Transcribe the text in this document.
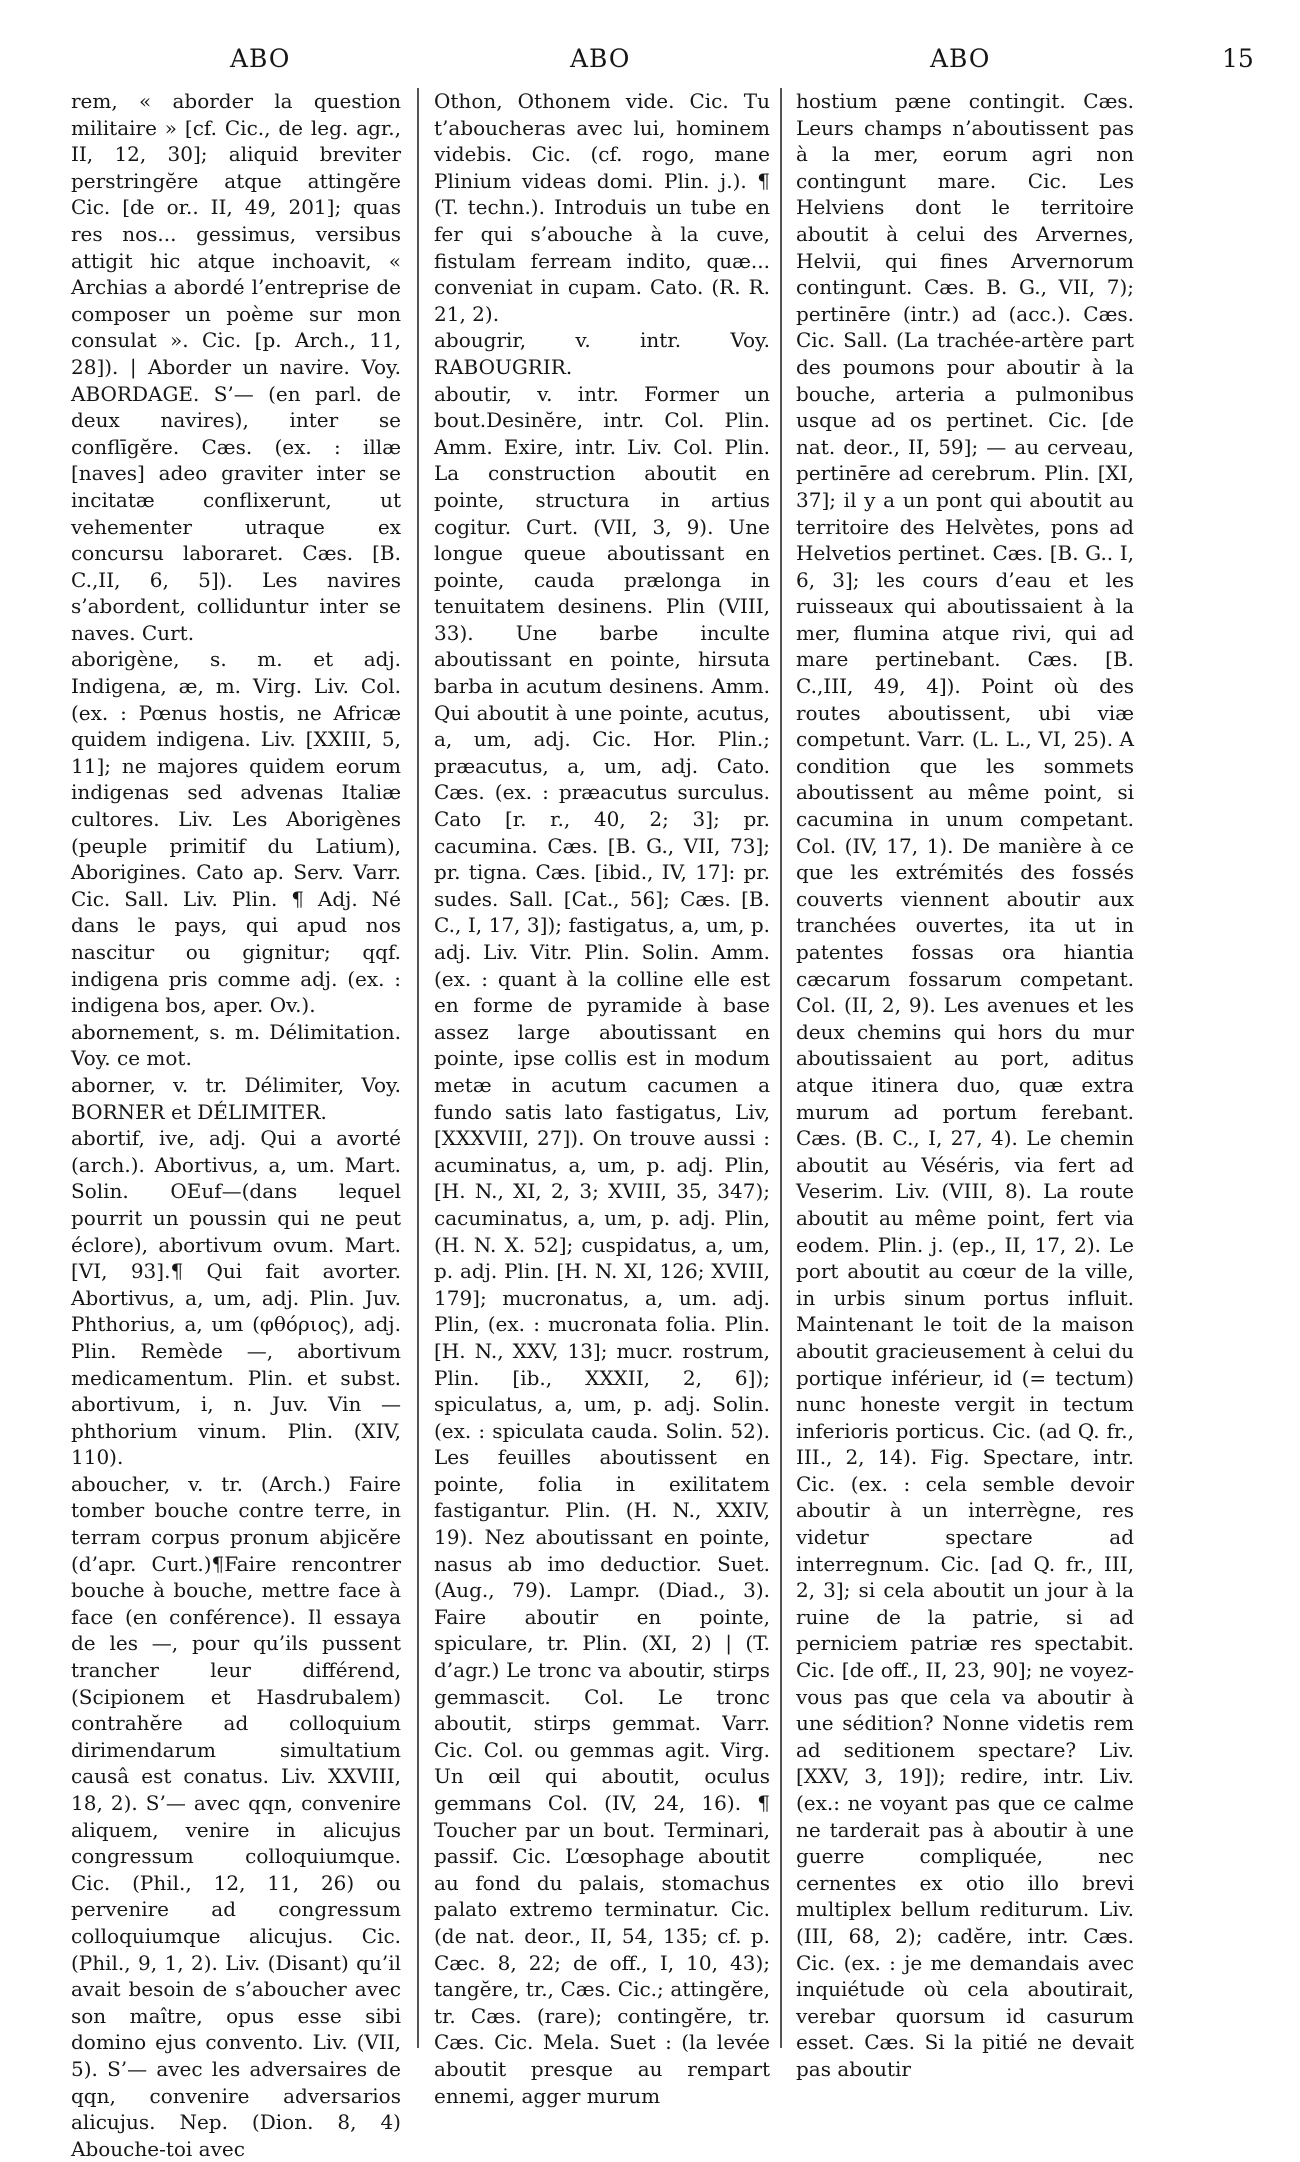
ABO	ABO	ABO	15

rem, « aborder la question militaire » [cf. Cic., de leg. agr., II, 12, 30]; aliquid breviter perstringĕre atque attingĕre Cic. [de or.. II, 49, 201]; quas res nos... gessimus, versibus attigit hic atque inchoavit, « Archias a abordé l’entreprise de composer un poème sur mon consulat ». Cic. [p. Arch., 11, 28]). | Aborder un navire. Voy. ABORDAGE. S’— (en parl. de deux navires), inter se conflīgĕre. Cæs. (ex. : illæ [naves] adeo graviter inter se incitatæ conflixerunt, ut vehementer utraque ex concursu laboraret. Cæs. [B. C.,II, 6, 5]). Les navires s’abordent, colliduntur inter se naves. Curt.

aborigène, s. m. et adj. Indigena, æ, m. Virg. Liv. Col. (ex. : Pœnus hostis, ne Africæ quidem indigena. Liv. [XXIII, 5, 11]; ne majores quidem eorum indigenas sed advenas Italiæ cultores. Liv. Les Aborigènes (peuple primitif du Latium), Aborigines. Cato ap. Serv. Varr. Cic. Sall. Liv. Plin. ¶ Adj. Né dans le pays, qui apud nos nascitur ou gignitur; qqf. indigena pris comme adj. (ex. : indigena bos, aper. Ov.).

abornement, s. m. Délimitation. Voy. ce mot.

aborner, v. tr. Délimiter, Voy. BORNER et DÉLIMITER.

abortif, ive, adj. Qui a avorté (arch.). Abortivus, a, um. Mart. Solin. OEuf—(dans lequel pourrit un poussin qui ne peut éclore), abortivum ovum. Mart. [VI, 93].¶ Qui fait avorter. Abortivus, a, um, adj. Plin. Juv. Phthorius, a, um (φθόριος), adj. Plin. Remède —, abortivum medicamentum. Plin. et subst. abortivum, i, n. Juv. Vin — phthorium vinum. Plin. (XIV, 110).

aboucher, v. tr. (Arch.) Faire tomber bouche contre terre, in terram corpus pronum abjicĕre (d’apr. Curt.)¶Faire rencontrer bouche à bouche, mettre face à face (en conférence). Il essaya de les —, pour qu’ils pussent trancher leur différend, (Scipionem et Hasdrubalem) contrahĕre ad colloquium dirimendarum simultatium causâ est conatus. Liv. XXVIII, 18, 2). S’— avec qqn, convenire aliquem, venire in alicujus congressum colloquiumque. Cic. (Phil., 12, 11, 26) ou pervenire ad congressum colloquiumque alicujus. Cic. (Phil., 9, 1, 2). Liv. (Disant) qu’il avait besoin de s’aboucher avec son maître, opus esse sibi domino ejus convento. Liv. (VII, 5). S’— avec les adversaires de qqn, convenire adversarios alicujus. Nep. (Dion. 8, 4) Abouche-toi avec

Othon, Othonem vide. Cic. Tu t’aboucheras avec lui, hominem videbis. Cic. (cf. rogo, mane Plinium videas domi. Plin. j.). ¶ (T. techn.). Introduis un tube en fer qui s’abouche à la cuve, fistulam ferream indito, quæ... conveniat in cupam. Cato. (R. R. 21, 2).

abougrir, v. intr. Voy. RABOUGRIR.

aboutir, v. intr. Former un bout.Desinĕre, intr. Col. Plin. Amm. Exire, intr. Liv. Col. Plin. La construction aboutit en pointe, structura in artius cogitur. Curt. (VII, 3, 9). Une longue queue aboutissant en pointe, cauda prælonga in tenuitatem desinens. Plin (VIII, 33). Une barbe inculte aboutissant en pointe, hirsuta barba in acutum desinens. Amm. Qui aboutit à une pointe, acutus, a, um, adj. Cic. Hor. Plin.; præacutus, a, um, adj. Cato. Cæs. (ex. : præacutus surculus. Cato [r. r., 40, 2; 3]; pr. cacumina. Cæs. [B. G., VII, 73]; pr. tigna. Cæs. [ibid., IV, 17]: pr. sudes. Sall. [Cat., 56]; Cæs. [B. C., I, 17, 3]); fastigatus, a, um, p. adj. Liv. Vitr. Plin. Solin. Amm. (ex. : quant à la colline elle est en forme de pyramide à base assez large aboutissant en pointe, ipse collis est in modum metæ in acutum cacumen a fundo satis lato fastigatus, Liv, [XXXVIII, 27]). On trouve aussi : acuminatus, a, um, p. adj. Plin, [H. N., XI, 2, 3; XVIII, 35, 347); cacuminatus, a, um, p. adj. Plin, (H. N. X. 52]; cuspidatus, a, um, p. adj. Plin. [H. N. XI, 126; XVIII, 179]; mucronatus, a, um. adj. Plin, (ex. : mucronata folia. Plin. [H. N., XXV, 13]; mucr. rostrum, Plin. [ib., XXXII, 2, 6]); spiculatus, a, um, p. adj. Solin. (ex. : spiculata cauda. Solin. 52). Les feuilles aboutissent en pointe, folia in exilitatem fastigantur. Plin. (H. N., XXIV, 19). Nez aboutissant en pointe, nasus ab imo deductior. Suet. (Aug., 79). Lampr. (Diad., 3). Faire aboutir en pointe, spiculare, tr. Plin. (XI, 2) | (T. d’agr.) Le tronc va aboutir, stirps gemmascit. Col. Le tronc aboutit, stirps gemmat. Varr. Cic. Col. ou gemmas agit. Virg. Un œil qui aboutit, oculus gemmans Col. (IV, 24, 16). ¶ Toucher par un bout. Terminari, passif. Cic. L’œsophage aboutit au fond du palais, stomachus palato extremo terminatur. Cic. (de nat. deor., II, 54, 135; cf. p. Cæc. 8, 22; de off., I, 10, 43); tangĕre, tr., Cæs. Cic.; attingĕre, tr. Cæs. (rare); contingĕre, tr. Cæs. Cic. Mela. Suet : (la levée aboutit presque au rempart ennemi, agger murum

hostium pæne contingit. Cæs. Leurs champs n’aboutissent pas à la mer, eorum agri non contingunt mare. Cic. Les Helviens dont le territoire aboutit à celui des Arvernes, Helvii, qui fines Arvernorum contingunt. Cæs. B. G., VII, 7); pertinēre (intr.) ad (acc.). Cæs. Cic. Sall. (La trachée-artère part des poumons pour aboutir à la bouche, arteria a pulmonibus usque ad os pertinet. Cic. [de nat. deor., II, 59]; — au cerveau, pertinēre ad cerebrum. Plin. [XI, 37]; il y a un pont qui aboutit au territoire des Helvètes, pons ad Helvetios pertinet. Cæs. [B. G.. I, 6, 3]; les cours d’eau et les ruisseaux qui aboutissaient à la mer, flumina atque rivi, qui ad mare pertinebant. Cæs. [B. C.,III, 49, 4]). Point où des routes aboutissent, ubi viæ competunt. Varr. (L. L., VI, 25). A condition que les sommets aboutissent au même point, si cacumina in unum competant. Col. (IV, 17, 1). De manière à ce que les extrémités des fossés couverts viennent aboutir aux tranchées ouvertes, ita ut in patentes fossas ora hiantia cæcarum fossarum competant. Col. (II, 2, 9). Les avenues et les deux chemins qui hors du mur aboutissaient au port, aditus atque itinera duo, quæ extra murum ad portum ferebant. Cæs. (B. C., I, 27, 4). Le chemin aboutit au Véséris, via fert ad Veserim. Liv. (VIII, 8). La route aboutit au même point, fert via eodem. Plin. j. (ep., II, 17, 2). Le port aboutit au cœur de la ville, in urbis sinum portus influit. Maintenant le toit de la maison aboutit gracieusement à celui du portique inférieur, id (= tectum) nunc honeste vergit in tectum inferioris porticus. Cic. (ad Q. fr., III., 2, 14). Fig. Spectare, intr. Cic. (ex. : cela semble devoir aboutir à un interrègne, res videtur spectare ad interregnum. Cic. [ad Q. fr., III, 2, 3]; si cela aboutit un jour à la ruine de la patrie, si ad perniciem patriæ res spectabit. Cic. [de off., II, 23, 90]; ne voyez-vous pas que cela va aboutir à une sédition? Nonne videtis rem ad seditionem spectare? Liv. [XXV, 3, 19]); redire, intr. Liv. (ex.: ne voyant pas que ce calme ne tarderait pas à aboutir à une guerre compliquée, nec cernentes ex otio illo brevi multiplex bellum rediturum. Liv. (III, 68, 2); cadĕre, intr. Cæs. Cic. (ex. : je me demandais avec inquiétude où cela aboutirait, verebar quorsum id casurum esset. Cæs. Si la pitié ne devait pas aboutir
